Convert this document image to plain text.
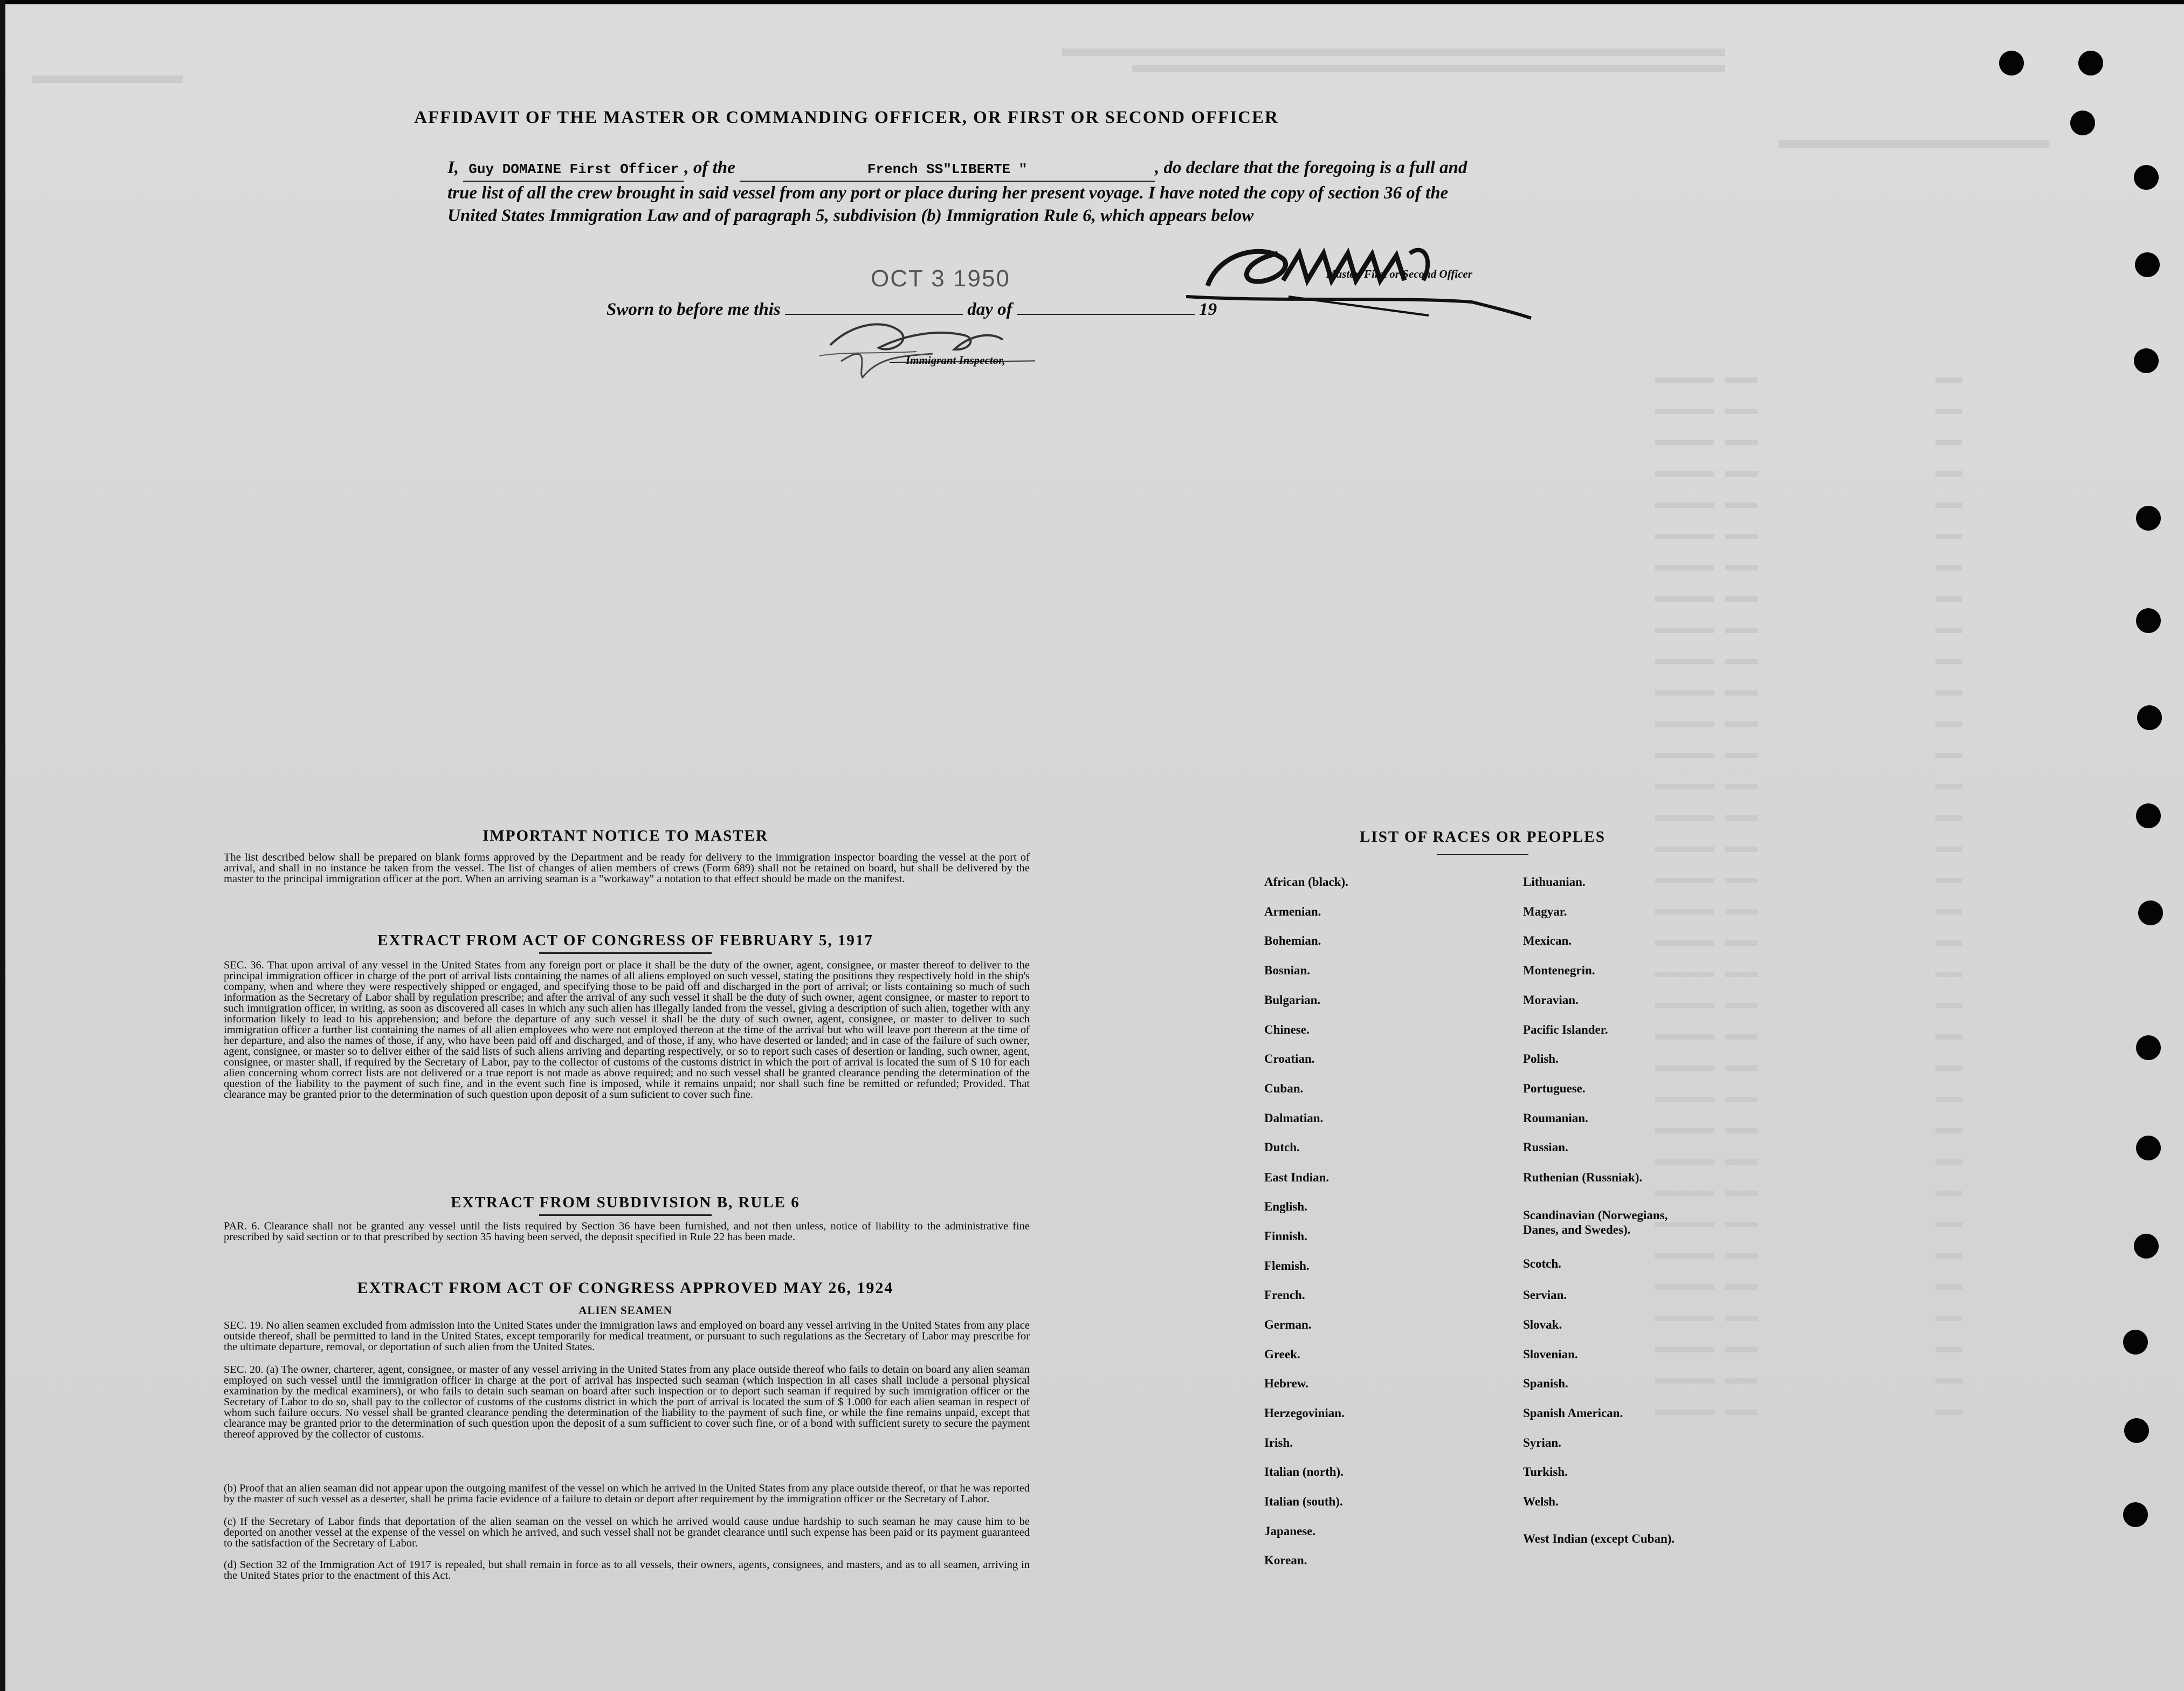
AFFIDAVIT OF THE MASTER OR COMMANDING OFFICER, OR FIRST OR SECOND OFFICER
I, Guy DOMAINE First Officer , of the	French SS"LIBERTE "	, do declare that the foregoing is a full and true list of all the crew brought in said vessel from any port or place during her present voyage. I have noted the copy of section 36 of the United States Immigration Law and of paragraph 5, subdivision (b) Immigration Rule 6, which appears below
OCT 3 1950
Sworn to before me this	day of	19
Immigrant Inspector,
Master, First or Second Officer
IMPORTANT NOTICE TO MASTER
The list described below shall be prepared on blank forms approved by the Department and be ready for delivery to the immigration inspector boarding the vessel at the port of arrival, and shall in no instance be taken from the vessel. The list of changes of alien members of crews (Form 689) shall not be retained on board, but shall be delivered by the master to the principal immigration officer at the port. When an arriving seaman is a "workaway" a notation to that effect should be made on the manifest.
EXTRACT FROM ACT OF CONGRESS OF FEBRUARY 5, 1917
SEC. 36. That upon arrival of any vessel in the United States from any foreign port or place it shall be the duty of the owner, agent, consignee, or master thereof to deliver to the principal immigration officer in charge of the port of arrival lists containing the names of all aliens employed on such vessel, stating the positions they respectively hold in the ship's company, when and where they were respectively shipped or engaged, and specifying those to be paid off and discharged in the port of arrival; or lists containing so much of such information as the Secretary of Labor shall by regulation prescribe; and after the arrival of any such vessel it shall be the duty of such owner, agent consignee, or master to report to such immigration officer, in writing, as soon as discovered all cases in which any such alien has illegally landed from the vessel, giving a description of such alien, together with any information likely to lead to his apprehension; and before the departure of any such vessel it shall be the duty of such owner, agent, consignee, or master to deliver to such immigration officer a further list containing the names of all alien employees who were not employed thereon at the time of the arrival but who will leave port thereon at the time of her departure, and also the names of those, if any, who have been paid off and discharged, and of those, if any, who have deserted or landed; and in case of the failure of such owner, agent, consignee, or master so to deliver either of the said lists of such aliens arriving and departing respectively, or so to report such cases of desertion or landing, such owner, agent, consignee, or master shall, if required by the Secretary of Labor, pay to the collector of customs of the customs district in which the port of arrival is located the sum of $ 10 for each alien concerning whom correct lists are not delivered or a true report is not made as above required; and no such vessel shall be granted clearance pending the determination of the question of the liability to the payment of such fine, and in the event such fine is imposed, while it remains unpaid; nor shall such fine be remitted or refunded; Provided. That clearance may be granted prior to the determination of such question upon deposit of a sum suficient to cover such fine.
EXTRACT FROM SUBDIVISION B, RULE 6
PAR. 6. Clearance shall not be granted any vessel until the lists required by Section 36 have been furnished, and not then unless, notice of liability to the administrative fine prescribed by said section or to that prescribed by section 35 having been served, the deposit specified in Rule 22 has been made.
EXTRACT FROM ACT OF CONGRESS APPROVED MAY 26, 1924
ALIEN SEAMEN
SEC. 19. No alien seamen excluded from admission into the United States under the immigration laws and employed on board any vessel arriving in the United States from any place outside thereof, shall be permitted to land in the United States, except temporarily for medical treatment, or pursuant to such regulations as the Secretary of Labor may prescribe for the ultimate departure, removal, or deportation of such alien from the United States.
SEC. 20. (a) The owner, charterer, agent, consignee, or master of any vessel arriving in the United States from any place outside thereof who fails to detain on board any alien seaman employed on such vessel until the immigration officer in charge at the port of arrival has inspected such seaman (which inspection in all cases shall include a personal physical examination by the medical examiners), or who fails to detain such seaman on board after such inspection or to deport such seaman if required by such immigration officer or the Secretary of Labor to do so, shall pay to the collector of customs of the customs district in which the port of arrival is located the sum of $ 1.000 for each alien seaman in respect of whom such failure occurs. No vessel shall be granted clearance pending the determination of the liability to the payment of such fine, or while the fine remains unpaid, except that clearance may be granted prior to the determination of such question upon the deposit of a sum sufficient to cover such fine, or of a bond with sufficient surety to secure the payment thereof approved by the collector of customs.
(b) Proof that an alien seaman did not appear upon the outgoing manifest of the vessel on which he arrived in the United States from any place outside thereof, or that he was reported by the master of such vessel as a deserter, shall be prima facie evidence of a failure to detain or deport after requirement by the immigration officer or the Secretary of Labor.
(c) If the Secretary of Labor finds that deportation of the alien seaman on the vessel on which he arrived would cause undue hardship to such seaman he may cause him to be deported on another vessel at the expense of the vessel on which he arrived, and such vessel shall not be grandet clearance until such expense has been paid or its payment guaranteed to the satisfaction of the Secretary of Labor.
(d) Section 32 of the Immigration Act of 1917 is repealed, but shall remain in force as to all vessels, their owners, agents, consignees, and masters, and as to all seamen, arriving in the United States prior to the enactment of this Act.
LIST OF RACES OR PEOPLES
African (black).
Armenian.
Bohemian.
Bosnian.
Bulgarian.
Chinese.
Croatian.
Cuban.
Dalmatian.
Dutch.
East Indian.
English.
Finnish.
Flemish.
French.
German.
Greek.
Hebrew.
Herzegovinian.
Irish.
Italian (north).
Italian (south).
Japanese.
Korean.
Lithuanian.
Magyar.
Mexican.
Montenegrin.
Moravian.
Pacific Islander.
Polish.
Portuguese.
Roumanian.
Russian.
Ruthenian (Russniak).
Scandinavian (Norwegians, Danes, and Swedes).
Scotch.
Servian.
Slovak.
Slovenian.
Spanish.
Spanish American.
Syrian.
Turkish.
Welsh.
West Indian (except Cuban).
